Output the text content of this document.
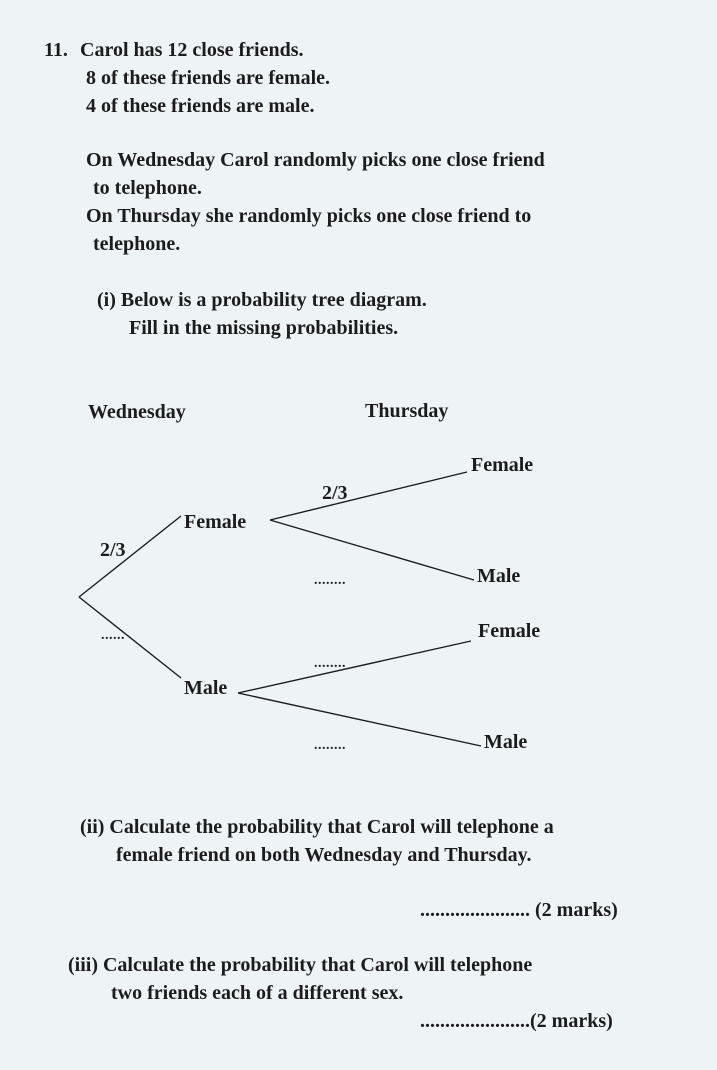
11. Carol has 12 close friends.
8 of these friends are female.
4 of these friends are male.
On Wednesday Carol randomly picks one close friend
to telephone.
On Thursday she randomly picks one close friend to
telephone.
(i) Below is a probability tree diagram.
Fill in the missing probabilities.
Wednesday	Thursday
Female
Male
2/3
......
Female
Male
Female
Male
2/3
........
........
........
(ii) Calculate the probability that Carol will telephone a
female friend on both Wednesday and Thursday.
...................... (2 marks)
(iii) Calculate the probability that Carol will telephone
two friends each of a different sex.
......................(2 marks)
